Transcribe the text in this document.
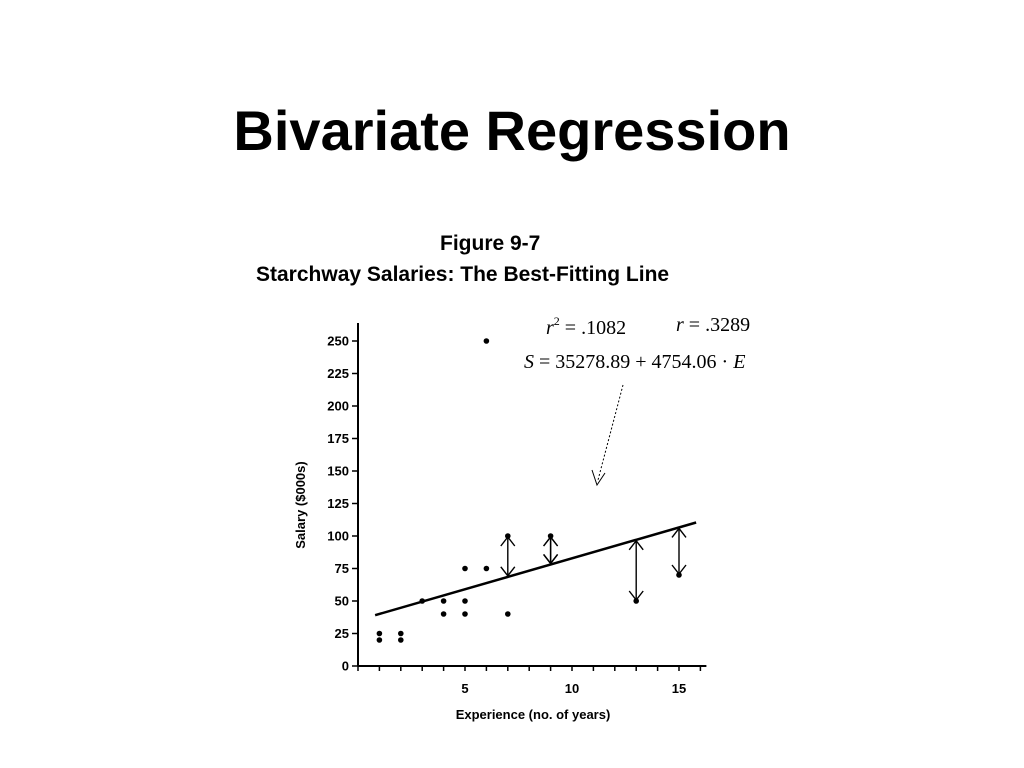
Bivariate Regression
Figure 9-7
Starchway Salaries: The Best-Fitting Line
$r^2 = .1082$ r = .3289
S = 35278.89 + 4754.06 · E
0
25
50
75
100
125
150
175
200
225
250
5	10	15
Experience (no. of years)
Salary ($000s)
